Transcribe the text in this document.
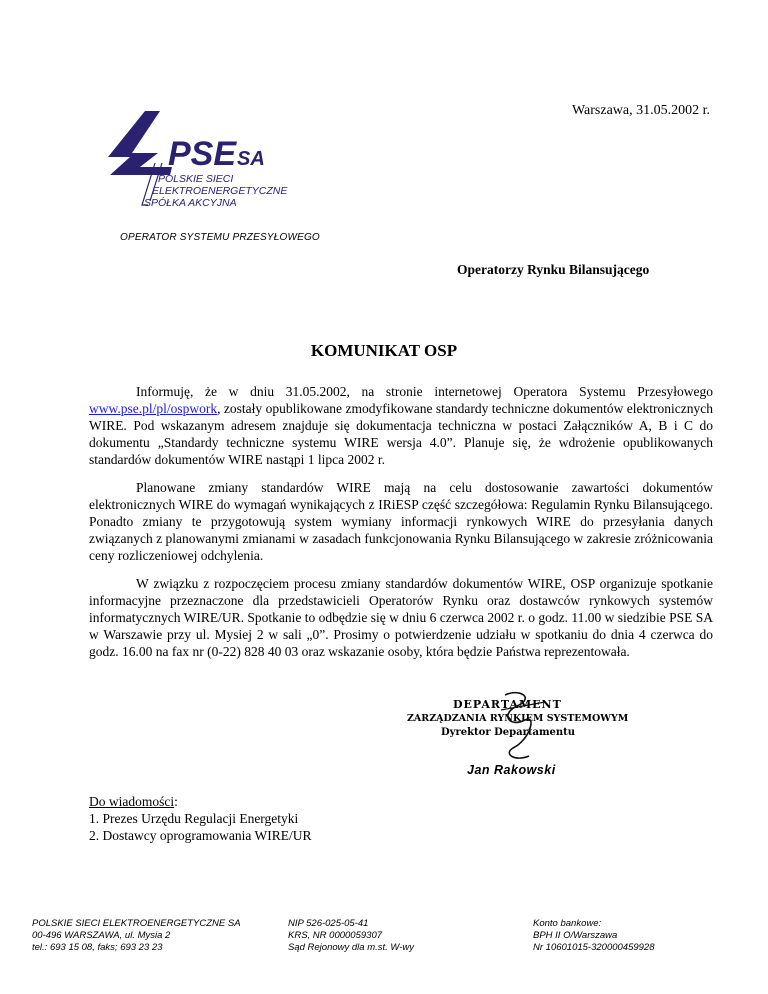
Warszawa, 31.05.2002 r.
PSE SA
POLSKIE SIECI
ELEKTROENERGETYCZNE
SPÓŁKA AKCYJNA
OPERATOR SYSTEMU PRZESYŁOWEGO
Operatorzy Rynku Bilansującego
KOMUNIKAT OSP

Informuję, że w dniu 31.05.2002, na stronie internetowej Operatora Systemu Przesyłowego www.pse.pl/pl/ospwork, zostały opublikowane zmodyfikowane standardy techniczne dokumentów elektronicznych WIRE. Pod wskazanym adresem znajduje się dokumentacja techniczna w postaci Załączników A, B i C do dokumentu „Standardy techniczne systemu WIRE wersja 4.0”. Planuje się, że wdrożenie opublikowanych standardów dokumentów WIRE nastąpi 1 lipca 2002 r.

Planowane zmiany standardów WIRE mają na celu dostosowanie zawartości dokumentów elektronicznych WIRE do wymagań wynikających z IRiESP część szczegółowa: Regulamin Rynku Bilansującego. Ponadto zmiany te przygotowują system wymiany informacji rynkowych WIRE do przesyłania danych związanych z planowanymi zmianami w zasadach funkcjonowania Rynku Bilansującego w zakresie zróżnicowania ceny rozliczeniowej odchylenia.

W związku z rozpoczęciem procesu zmiany standardów dokumentów WIRE, OSP organizuje spotkanie informacyjne przeznaczone dla przedstawicieli Operatorów Rynku oraz dostawców rynkowych systemów informatycznych WIRE/UR. Spotkanie to odbędzie się w dniu 6 czerwca 2002 r. o godz. 11.00 w siedzibie PSE SA w Warszawie przy ul. Mysiej 2 w sali „0”. Prosimy o potwierdzenie udziału w spotkaniu do dnia 4 czerwca do godz. 16.00 na fax nr (0-22) 828 40 03 oraz wskazanie osoby, która będzie Państwa reprezentowała.

DEPARTAMENT
ZARZĄDZANIA RYNKIEM SYSTEMOWYM
Dyrektor Departamentu
Jan Rakowski
Do wiadomości:
1. Prezes Urzędu Regulacji Energetyki
2. Dostawcy oprogramowania WIRE/UR
POLSKIE SIECI ELEKTROENERGETYCZNE SA
00-496 WARSZAWA, ul. Mysia 2
tel.: 693 15 08, faks; 693 23 23
NIP 526-025-05-41
KRS, NR 0000059307
Sąd Rejonowy dla m.st. W-wy
Konto bankowe:
BPH II O/Warszawa
Nr 10601015-320000459928
